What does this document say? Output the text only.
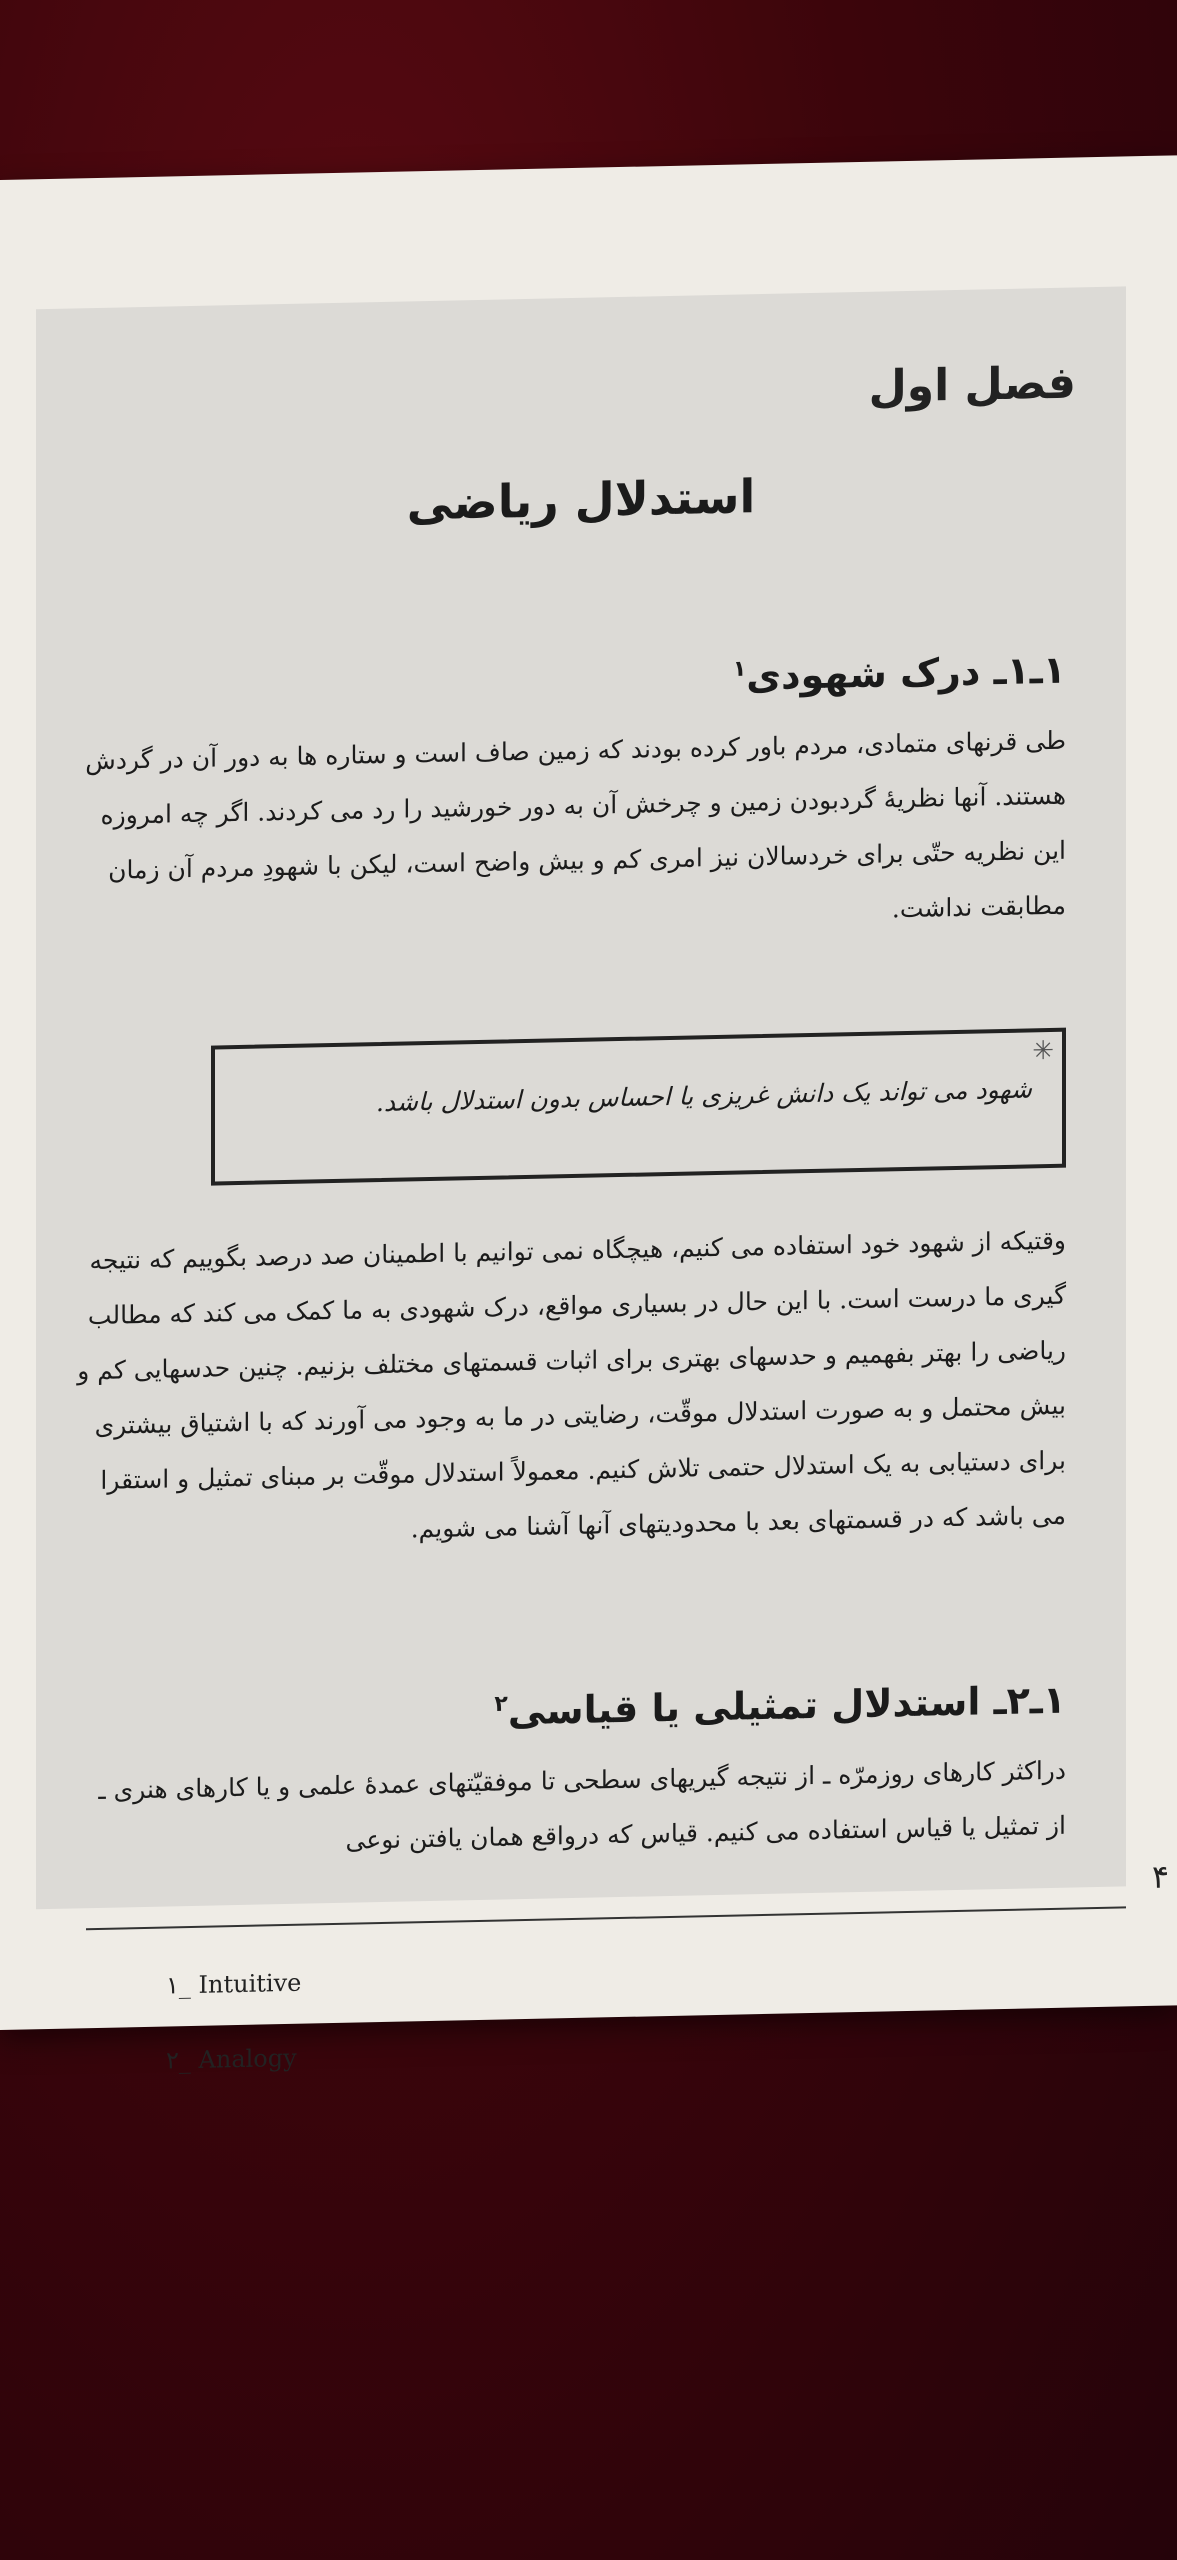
فصل اول
استدلال ریاضی
۱ـ۱ـ درک شهودی$^۱$
طی قرنهای متمادی، مردم باور کرده بودند که زمین صاف است و ستاره ها به دور آن در گردش هستند. آنها نظریهٔ گردبودن زمین و چرخش آن به دور خورشید را رد می کردند. اگر چه امروزه این نظریه حتّی برای خردسالان نیز امری کم و بیش واضح است، لیکن با شهودِ مردم آن زمان مطابقت نداشت.
✳
شهود می تواند یک دانش غریزی یا احساس بدون استدلال باشد.
وقتیکه از شهود خود استفاده می کنیم، هیچگاه نمی توانیم با اطمینان صد درصد بگوییم که نتیجه گیری ما درست است. با این حال در بسیاری مواقع، درک شهودی به ما کمک می کند که مطالب ریاضی را بهتر بفهمیم و حدسهای بهتری برای اثبات قسمتهای مختلف بزنیم. چنین حدسهایی کم و بیش محتمل و به صورت استدلال موقّت، رضایتی در ما به وجود می آورند که با اشتیاق بیشتری برای دستیابی به یک استدلال حتمی تلاش کنیم. معمولاً استدلال موقّت بر مبنای تمثیل و استقرا می باشد که در قسمتهای بعد با محدودیتهای آنها آشنا می شویم.
۱ـ۲ـ استدلال تمثیلی یا قیاسی$^۲$
دراکثر کارهای روزمرّه ـ از نتیجه گیریهای سطحی تا موفقیّتهای عمدهٔ علمی و یا کارهای هنری ـ از تمثیل یا قیاس استفاده می کنیم. قیاس که درواقع همان یافتن نوعی
۱_ Intuitive
۲_ Analogy
۴
